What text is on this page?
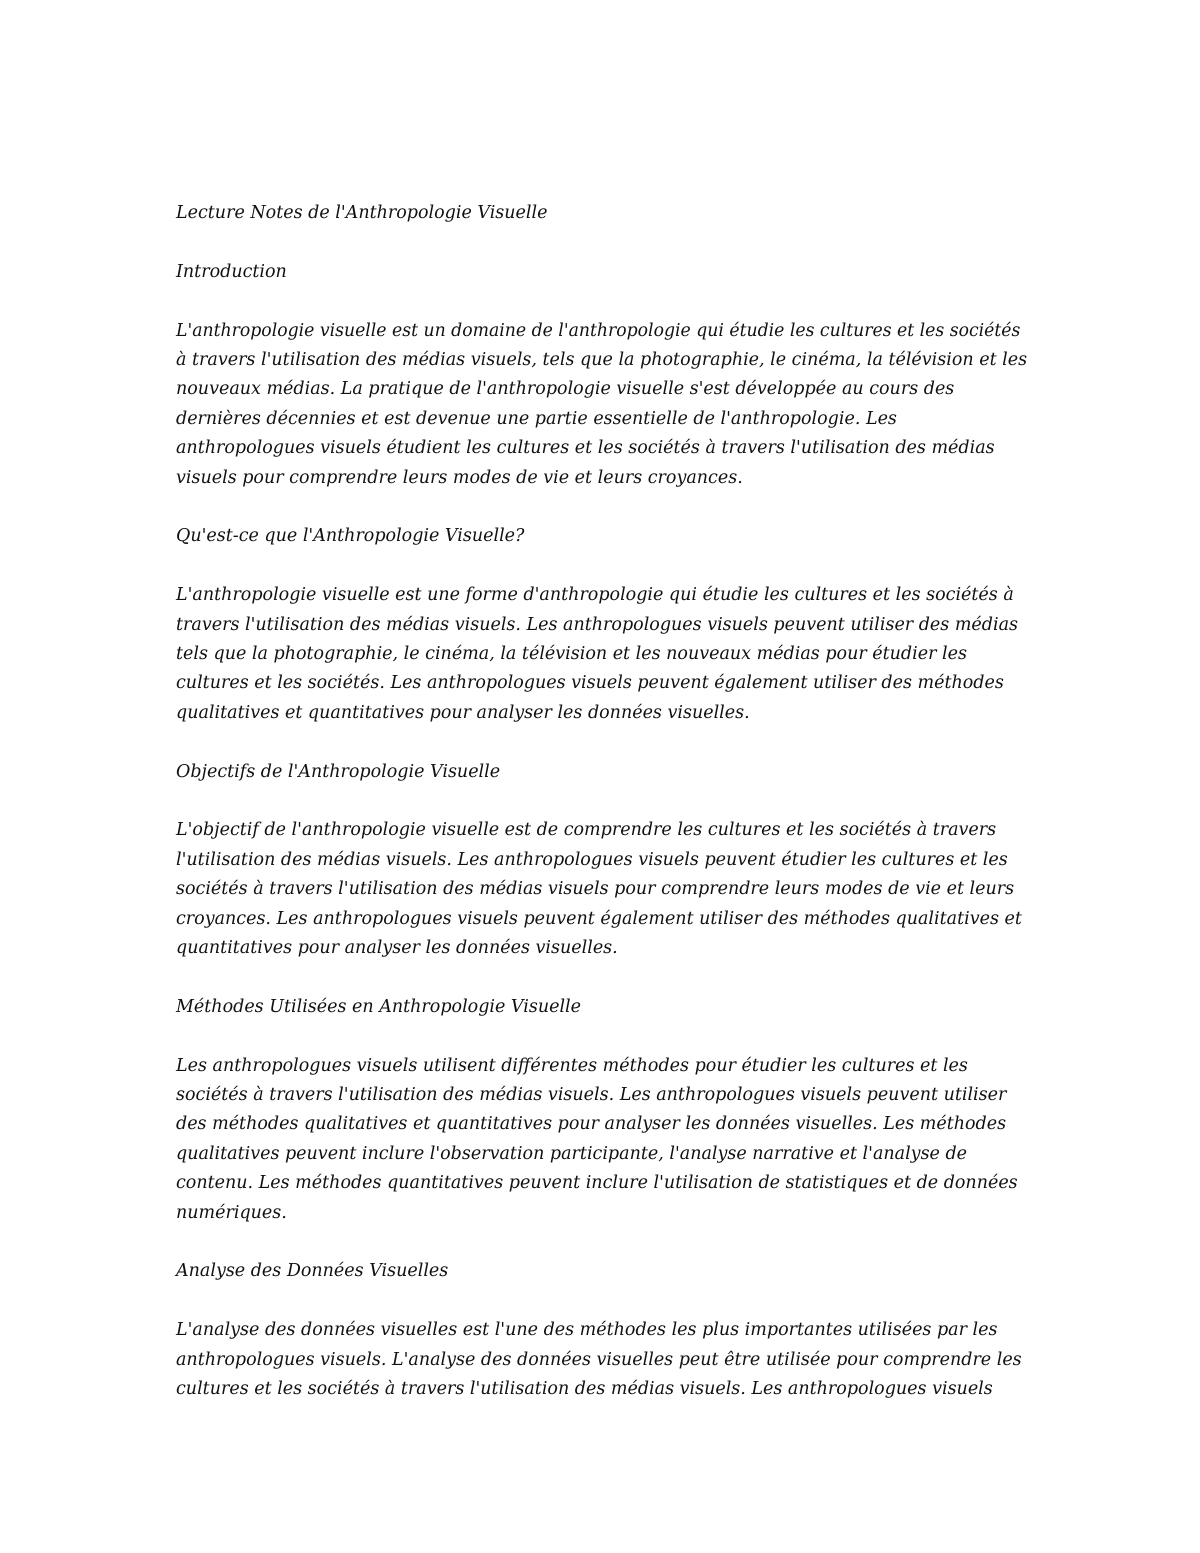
Lecture Notes de l'Anthropologie Visuelle

Introduction

L'anthropologie visuelle est un domaine de l'anthropologie qui étudie les cultures et les sociétés
à travers l'utilisation des médias visuels, tels que la photographie, le cinéma, la télévision et les
nouveaux médias. La pratique de l'anthropologie visuelle s'est développée au cours des
dernières décennies et est devenue une partie essentielle de l'anthropologie. Les
anthropologues visuels étudient les cultures et les sociétés à travers l'utilisation des médias
visuels pour comprendre leurs modes de vie et leurs croyances.

Qu'est-ce que l'Anthropologie Visuelle?

L'anthropologie visuelle est une forme d'anthropologie qui étudie les cultures et les sociétés à
travers l'utilisation des médias visuels. Les anthropologues visuels peuvent utiliser des médias
tels que la photographie, le cinéma, la télévision et les nouveaux médias pour étudier les
cultures et les sociétés. Les anthropologues visuels peuvent également utiliser des méthodes
qualitatives et quantitatives pour analyser les données visuelles.

Objectifs de l'Anthropologie Visuelle

L'objectif de l'anthropologie visuelle est de comprendre les cultures et les sociétés à travers
l'utilisation des médias visuels. Les anthropologues visuels peuvent étudier les cultures et les
sociétés à travers l'utilisation des médias visuels pour comprendre leurs modes de vie et leurs
croyances. Les anthropologues visuels peuvent également utiliser des méthodes qualitatives et
quantitatives pour analyser les données visuelles.

Méthodes Utilisées en Anthropologie Visuelle

Les anthropologues visuels utilisent différentes méthodes pour étudier les cultures et les
sociétés à travers l'utilisation des médias visuels. Les anthropologues visuels peuvent utiliser
des méthodes qualitatives et quantitatives pour analyser les données visuelles. Les méthodes
qualitatives peuvent inclure l'observation participante, l'analyse narrative et l'analyse de
contenu. Les méthodes quantitatives peuvent inclure l'utilisation de statistiques et de données
numériques.

Analyse des Données Visuelles

L'analyse des données visuelles est l'une des méthodes les plus importantes utilisées par les
anthropologues visuels. L'analyse des données visuelles peut être utilisée pour comprendre les
cultures et les sociétés à travers l'utilisation des médias visuels. Les anthropologues visuels
